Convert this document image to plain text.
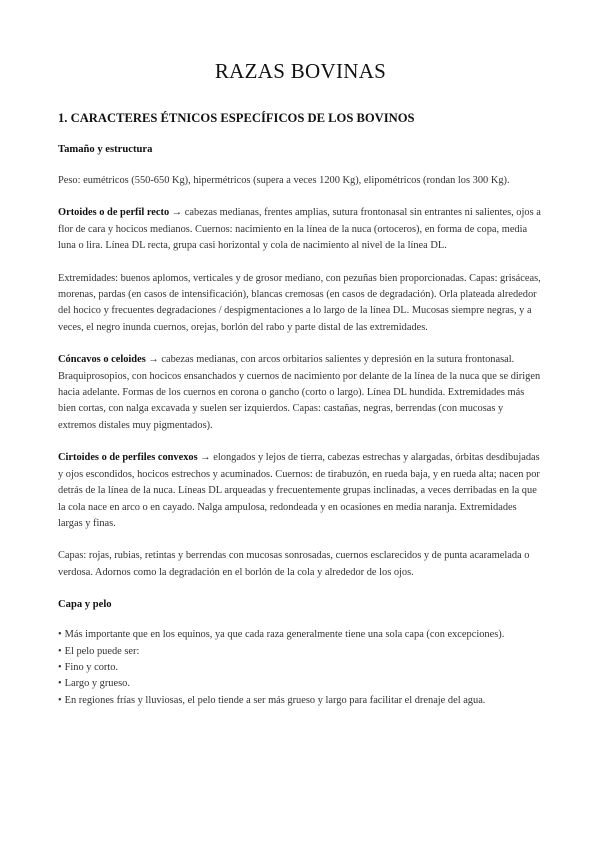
RAZAS BOVINAS
1. CARACTERES ÉTNICOS ESPECÍFICOS DE LOS BOVINOS
Tamaño y estructura

Peso: eumétricos (550-650 Kg), hipermétricos (supera a veces 1200 Kg), elipométricos (rondan los 300 Kg).

Ortoides o de perfil recto → cabezas medianas, frentes amplias, sutura frontonasal sin entrantes ni salientes, ojos a flor de cara y hocicos medianos. Cuernos: nacimiento en la línea de la nuca (ortoceros), en forma de copa, media luna o lira. Línea DL recta, grupa casi horizontal y cola de nacimiento al nivel de la línea DL.

Extremidades: buenos aplomos, verticales y de grosor mediano, con pezuñas bien proporcionadas. Capas: grisáceas, morenas, pardas (en casos de intensificación), blancas cremosas (en casos de degradación). Orla plateada alrededor del hocico y frecuentes degradaciones / despigmentaciones a lo largo de la línea DL. Mucosas siempre negras, y a veces, el negro inunda cuernos, orejas, borlón del rabo y parte distal de las extremidades.

Cóncavos o celoides → cabezas medianas, con arcos orbitarios salientes y depresión en la sutura frontonasal. Braquiprosopios, con hocicos ensanchados y cuernos de nacimiento por delante de la línea de la nuca que se dirigen hacia adelante. Formas de los cuernos en corona o gancho (corto o largo). Línea DL hundida. Extremidades más bien cortas, con nalga excavada y suelen ser izquierdos. Capas: castañas, negras, berrendas (con mucosas y extremos distales muy pigmentados).

Cirtoides o de perfiles convexos → elongados y lejos de tierra, cabezas estrechas y alargadas, órbitas desdibujadas y ojos escondidos, hocicos estrechos y acuminados. Cuernos: de tirabuzón, en rueda baja, y en rueda alta; nacen por detrás de la línea de la nuca. Líneas DL arqueadas y frecuentemente grupas inclinadas, a veces derribadas en la que la cola nace en arco o en cayado. Nalga ampulosa, redondeada y en ocasiones en media naranja. Extremidades largas y finas.

Capas: rojas, rubias, retintas y berrendas con mucosas sonrosadas, cuernos esclarecidos y de punta acaramelada o verdosa. Adornos como la degradación en el borlón de la cola y alrededor de los ojos.

Capa y pelo
• Más importante que en los equinos, ya que cada raza generalmente tiene una sola capa (con excepciones).
• El pelo puede ser:
• Fino y corto.
• Largo y grueso.
• En regiones frías y lluviosas, el pelo tiende a ser más grueso y largo para facilitar el drenaje del agua.
